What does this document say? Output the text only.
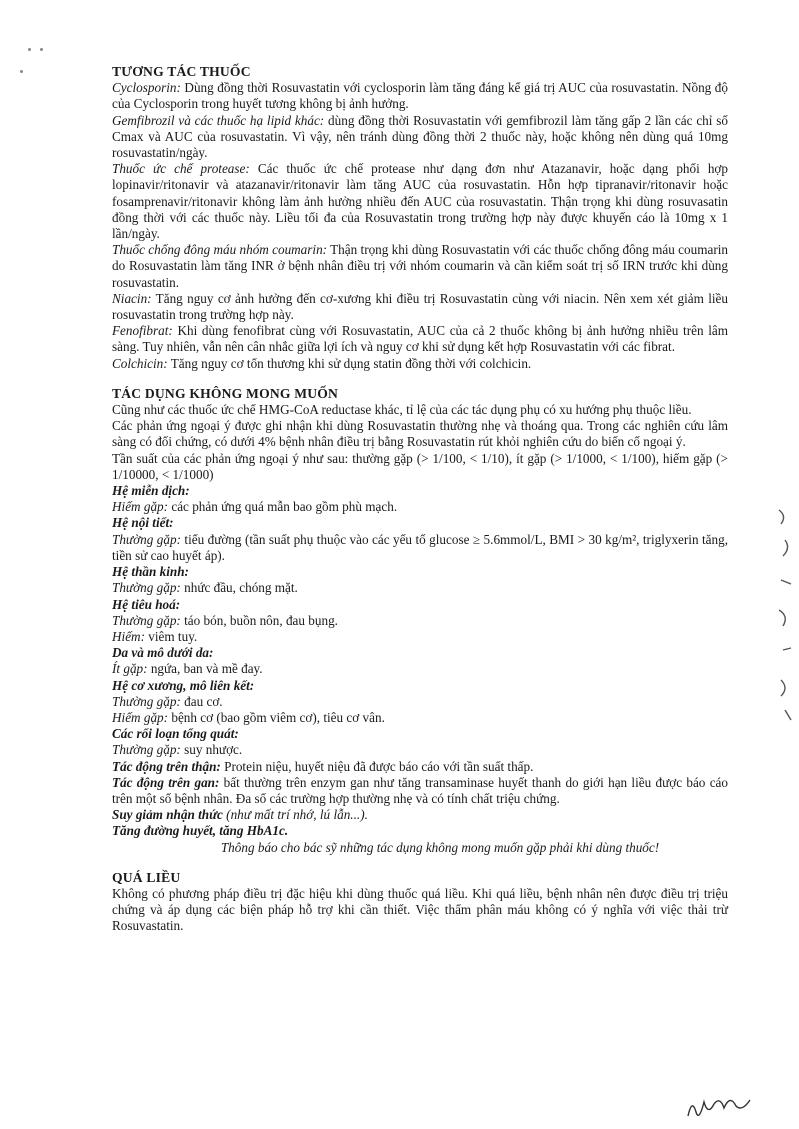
TƯƠNG TÁC THUỐC
Cyclosporin: Dùng đồng thời Rosuvastatin với cyclosporin làm tăng đáng kể giá trị AUC của rosuvastatin. Nồng độ của Cyclosporin trong huyết tương không bị ảnh hưởng.
Gemfibrozil và các thuốc hạ lipid khác: dùng đồng thời Rosuvastatin với gemfibrozil làm tăng gấp 2 lần các chỉ số Cmax và AUC của rosuvastatin. Vì vậy, nên tránh dùng đồng thời 2 thuốc này, hoặc không nên dùng quá 10mg rosuvastatin/ngày.
Thuốc ức chế protease: Các thuốc ức chế protease như dạng đơn như Atazanavir, hoặc dạng phối hợp lopinavir/ritonavir và atazanavir/ritonavir làm tăng AUC của rosuvastatin. Hỗn hợp tipranavir/ritonavir hoặc fosamprenavir/ritonavir không làm ảnh hưởng nhiều đến AUC của rosuvastatin. Thận trọng khi dùng rosuvasatin đồng thời với các thuốc này. Liều tối đa của Rosuvastatin trong trường hợp này được khuyến cáo là 10mg x 1 lần/ngày.
Thuốc chống đông máu nhóm coumarin: Thận trọng khi dùng Rosuvastatin với các thuốc chống đông máu coumarin do Rosuvastatin làm tăng INR ở bệnh nhân điều trị với nhóm coumarin và cần kiểm soát trị số IRN trước khi dùng rosuvastatin.
Niacin: Tăng nguy cơ ảnh hưởng đến cơ-xương khi điều trị Rosuvastatin cùng với niacin. Nên xem xét giảm liều rosuvastatin trong trường hợp này.
Fenofibrat: Khi dùng fenofibrat cùng với Rosuvastatin, AUC của cả 2 thuốc không bị ảnh hưởng nhiều trên lâm sàng. Tuy nhiên, vẫn nên cân nhắc giữa lợi ích và nguy cơ khi sử dụng kết hợp Rosuvastatin với các fibrat.
Colchicin: Tăng nguy cơ tổn thương khi sử dụng statin đồng thời với colchicin.
TÁC DỤNG KHÔNG MONG MUỐN
Cũng như các thuốc ức chế HMG-CoA reductase khác, tỉ lệ của các tác dụng phụ có xu hướng phụ thuộc liều.
Các phản ứng ngoại ý được ghi nhận khi dùng Rosuvastatin thường nhẹ và thoáng qua. Trong các nghiên cứu lâm sàng có đối chứng, có dưới 4% bệnh nhân điều trị bằng Rosuvastatin rút khỏi nghiên cứu do biến cố ngoại ý.
Tần suất của các phản ứng ngoại ý như sau: thường gặp (> 1/100, < 1/10), ít gặp (> 1/1000, < 1/100), hiếm gặp (> 1/10000, < 1/1000)
Hệ miễn dịch:
Hiếm gặp: các phản ứng quá mẫn bao gồm phù mạch.
Hệ nội tiết:
Thường gặp: tiểu đường (tần suất phụ thuộc vào các yếu tố glucose ≥ 5.6mmol/L, BMI > 30 kg/m², triglyxerin tăng, tiền sử cao huyết áp).
Hệ thần kinh:
Thường gặp: nhức đầu, chóng mặt.
Hệ tiêu hoá:
Thường gặp: táo bón, buồn nôn, đau bụng.
Hiếm: viêm tuy.
Da và mô dưới da:
Ít gặp: ngứa, ban và mề đay.
Hệ cơ xương, mô liên kết:
Thường gặp: đau cơ.
Hiếm gặp: bệnh cơ (bao gồm viêm cơ), tiêu cơ vân.
Các rối loạn tổng quát:
Thường gặp: suy nhược.
Tác động trên thận: Protein niệu, huyết niệu đã được báo cáo với tần suất thấp.
Tác động trên gan: bất thường trên enzym gan như tăng transaminase huyết thanh do giới hạn liều được báo cáo trên một số bệnh nhân. Đa số các trường hợp thường nhẹ và có tính chất triệu chứng.
Suy giảm nhận thức (như mất trí nhớ, lú lẫn...).
Tăng đường huyết, tăng HbA1c.
Thông báo cho bác sỹ những tác dụng không mong muốn gặp phải khi dùng thuốc!
QUÁ LIỀU
Không có phương pháp điều trị đặc hiệu khi dùng thuốc quá liều. Khi quá liều, bệnh nhân nên được điều trị triệu chứng và áp dụng các biện pháp hỗ trợ khi cần thiết. Việc thẩm phân máu không có ý nghĩa với việc thải trừ Rosuvastatin.
